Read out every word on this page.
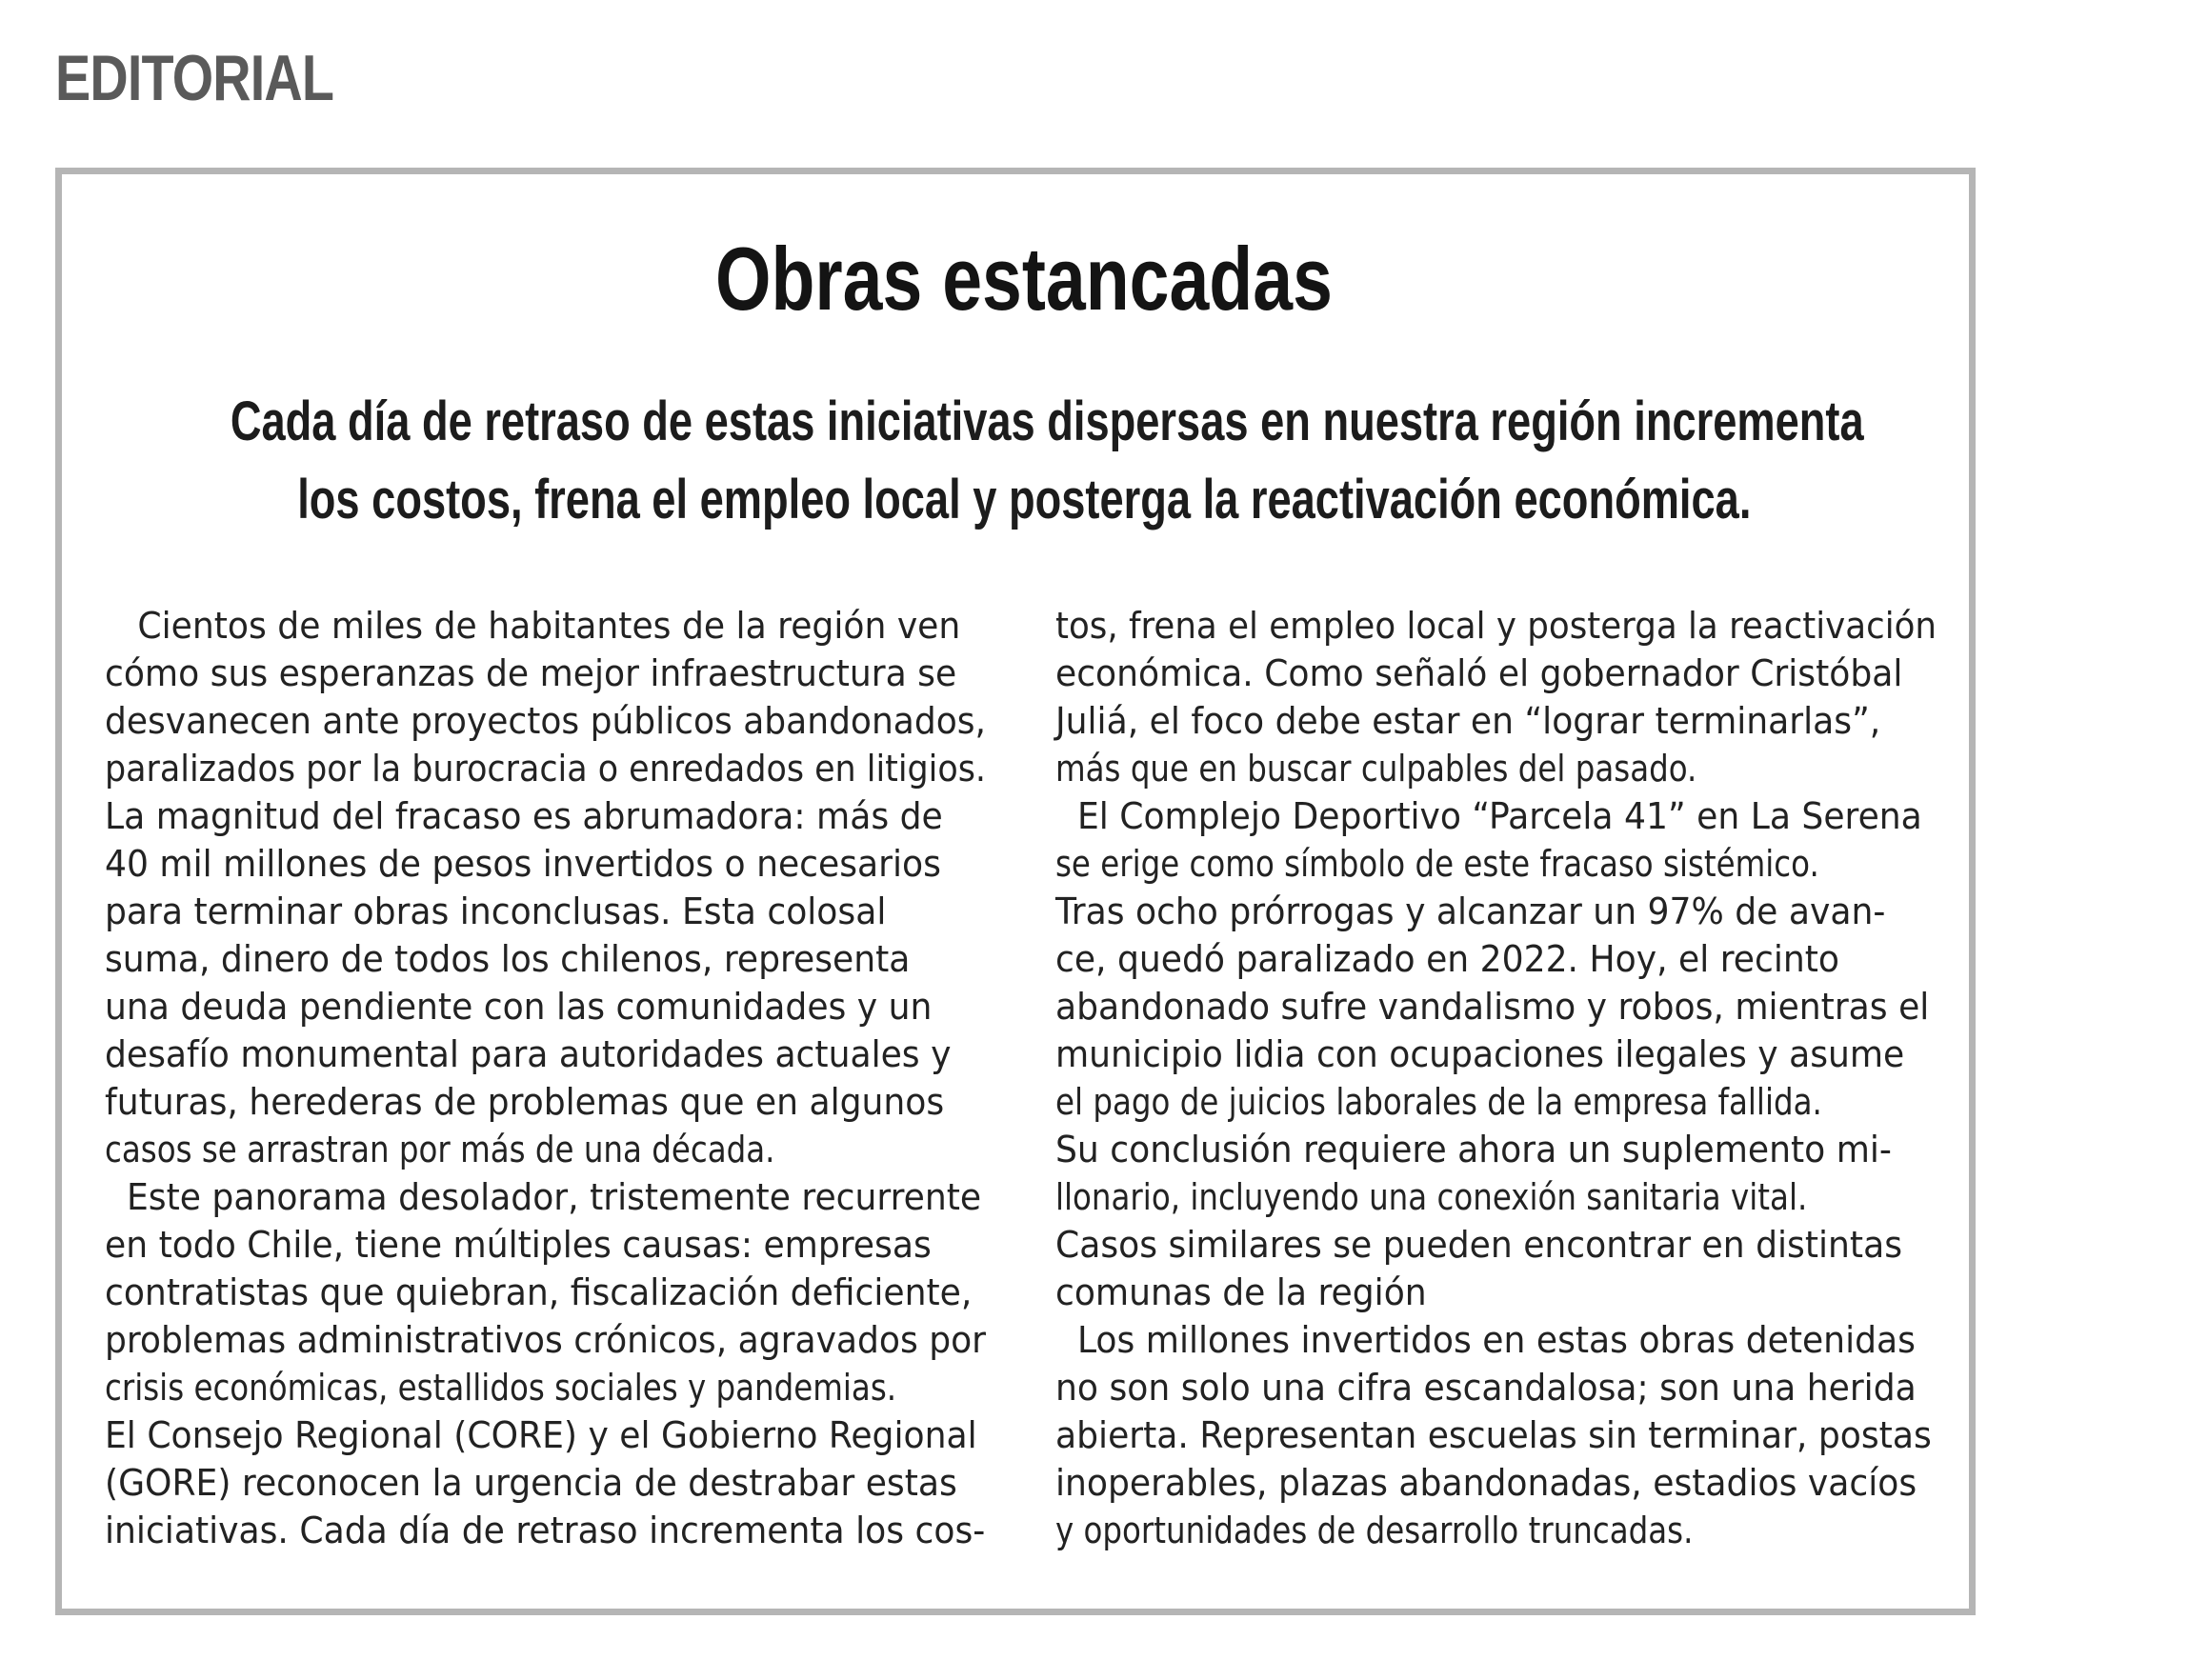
EDITORIAL
Obras estancadas
Cada día de retraso de estas iniciativas dispersas en nuestra región incrementa
los costos, frena el empleo local y posterga la reactivación económica.
Cientos de miles de habitantes de la región ven
cómo sus esperanzas de mejor infraestructura se
desvanecen ante proyectos públicos abandonados,
paralizados por la burocracia o enredados en litigios.
La magnitud del fracaso es abrumadora: más de
40 mil millones de pesos invertidos o necesarios
para terminar obras inconclusas. Esta colosal
suma, dinero de todos los chilenos, representa
una deuda pendiente con las comunidades y un
desafío monumental para autoridades actuales y
futuras, herederas de problemas que en algunos
casos se arrastran por más de una década.
Este panorama desolador, tristemente recurrente
en todo Chile, tiene múltiples causas: empresas
contratistas que quiebran, fiscalización deficiente,
problemas administrativos crónicos, agravados por
crisis económicas, estallidos sociales y pandemias.
El Consejo Regional (CORE) y el Gobierno Regional
(GORE) reconocen la urgencia de destrabar estas
iniciativas. Cada día de retraso incrementa los cos-
tos, frena el empleo local y posterga la reactivación
económica. Como señaló el gobernador Cristóbal
Juliá, el foco debe estar en “lograr terminarlas”,
más que en buscar culpables del pasado.
El Complejo Deportivo “Parcela 41” en La Serena
se erige como símbolo de este fracaso sistémico.
Tras ocho prórrogas y alcanzar un 97% de avan-
ce, quedó paralizado en 2022. Hoy, el recinto
abandonado sufre vandalismo y robos, mientras el
municipio lidia con ocupaciones ilegales y asume
el pago de juicios laborales de la empresa fallida.
Su conclusión requiere ahora un suplemento mi-
llonario, incluyendo una conexión sanitaria vital.
Casos similares se pueden encontrar en distintas
comunas de la región
Los millones invertidos en estas obras detenidas
no son solo una cifra escandalosa; son una herida
abierta. Representan escuelas sin terminar, postas
inoperables, plazas abandonadas, estadios vacíos
y oportunidades de desarrollo truncadas.
